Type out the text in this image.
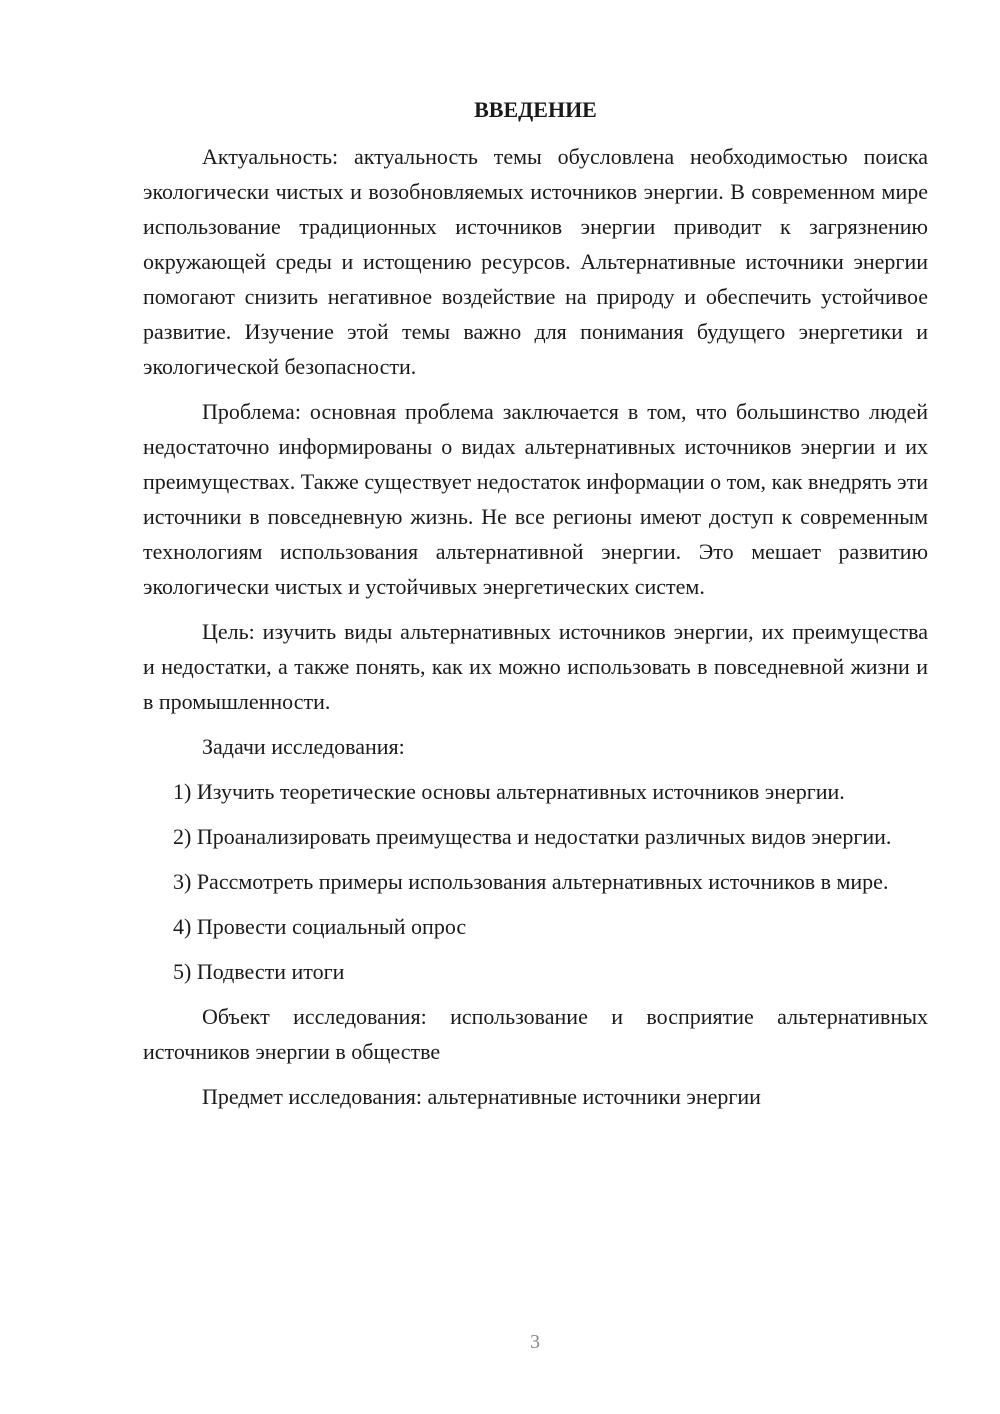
ВВЕДЕНИЕ

Актуальность: актуальность темы обусловлена необходимостью поиска экологически чистых и возобновляемых источников энергии. В современном мире использование традиционных источников энергии приводит к загрязнению окружающей среды и истощению ресурсов. Альтернативные источники энергии помогают снизить негативное воздействие на природу и обеспечить устойчивое развитие. Изучение этой темы важно для понимания будущего энергетики и экологической безопасности.

Проблема: основная проблема заключается в том, что большинство людей недостаточно информированы о видах альтернативных источников энергии и их преимуществах. Также существует недостаток информации о том, как внедрять эти источники в повседневную жизнь. Не все регионы имеют доступ к современным технологиям использования альтернативной энергии. Это мешает развитию экологически чистых и устойчивых энергетических систем.

Цель: изучить виды альтернативных источников энергии, их преимущества и недостатки, а также понять, как их можно использовать в повседневной жизни и в промышленности.

Задачи исследования:

1) Изучить теоретические основы альтернативных источников энергии.

2) Проанализировать преимущества и недостатки различных видов энергии.

3) Рассмотреть примеры использования альтернативных источников в мире.

4) Провести социальный опрос

5) Подвести итоги

Объект исследования: использование и восприятие альтернативных источников энергии в обществе

Предмет исследования: альтернативные источники энергии

3
